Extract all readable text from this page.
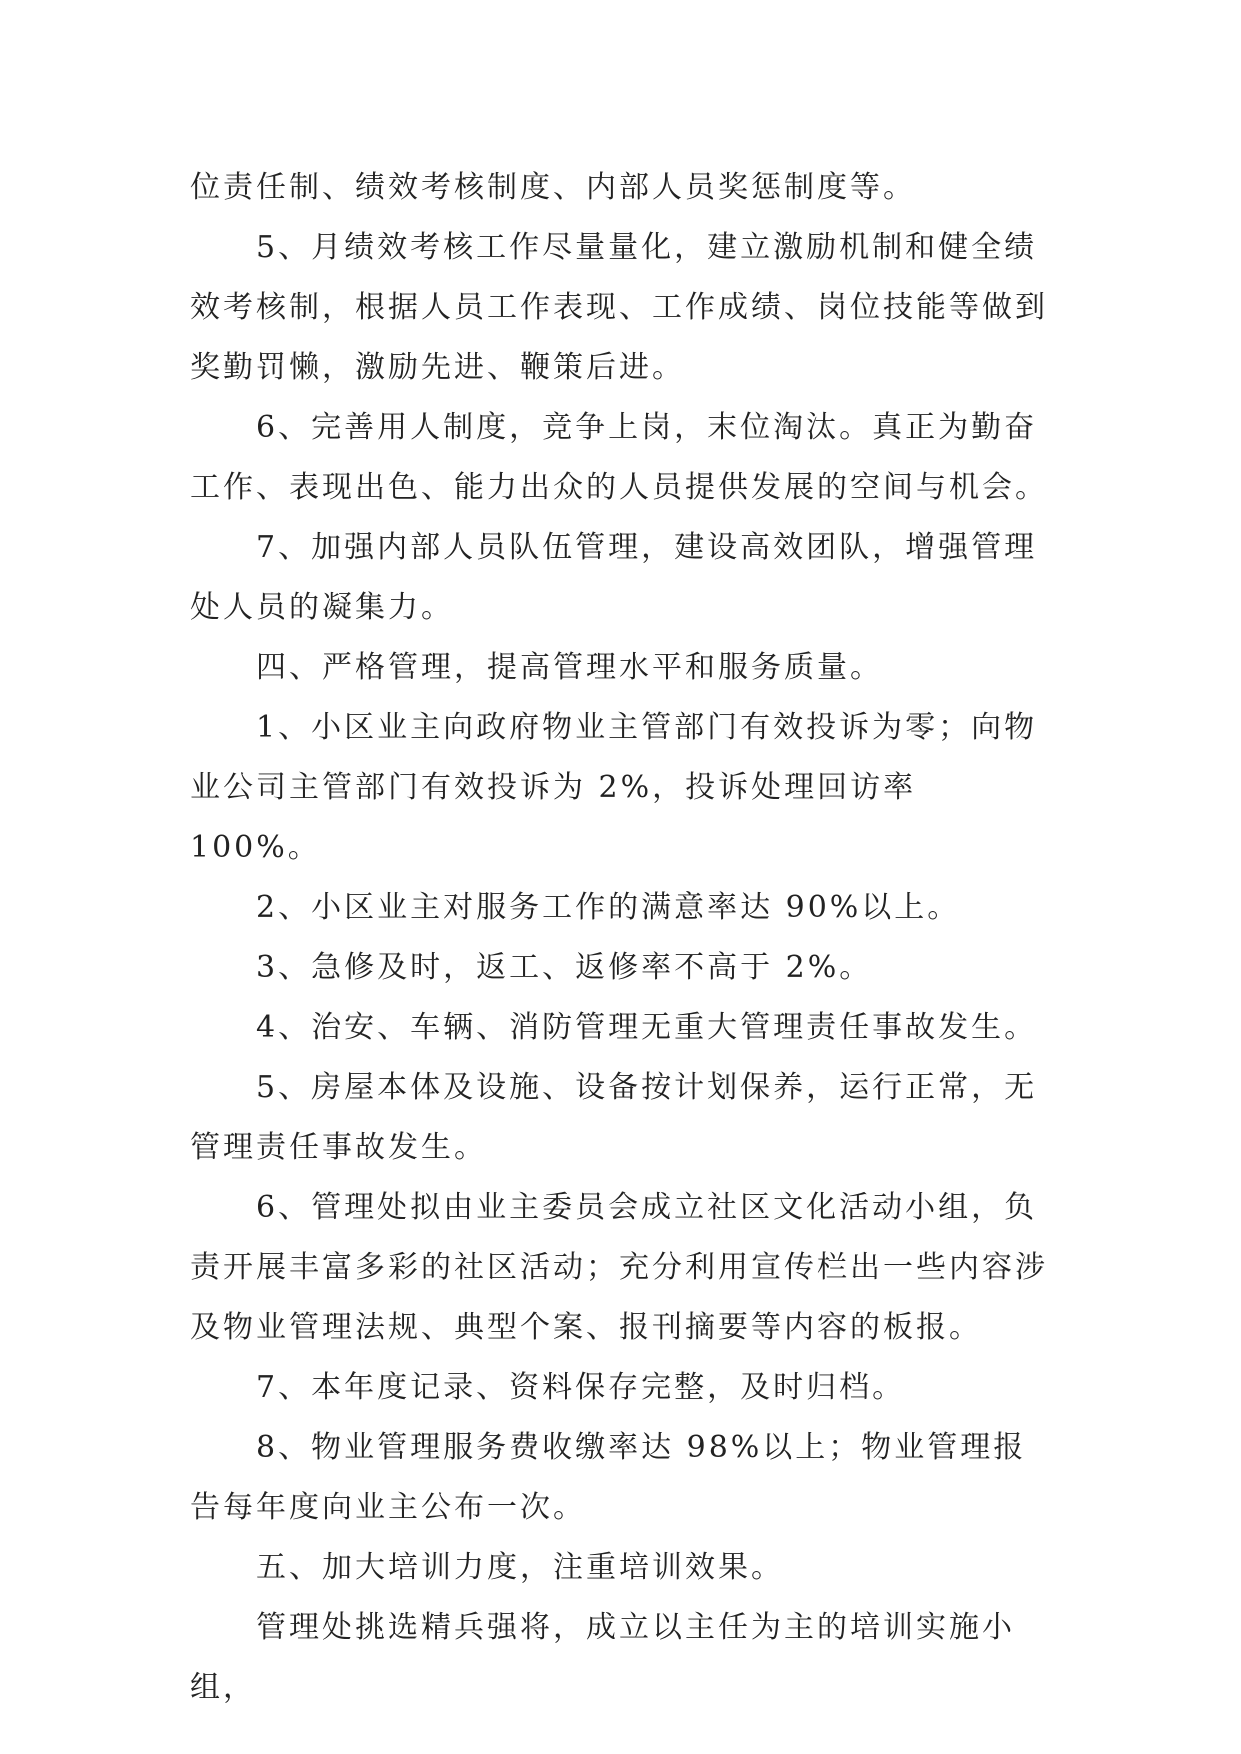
位责任制、绩效考核制度、内部人员奖惩制度等。

5、月绩效考核工作尽量量化，建立激励机制和健全绩效考核制，根据人员工作表现、工作成绩、岗位技能等做到奖勤罚懒，激励先进、鞭策后进。

6、完善用人制度，竞争上岗，末位淘汰。真正为勤奋工作、表现出色、能力出众的人员提供发展的空间与机会。

7、加强内部人员队伍管理，建设高效团队，增强管理处人员的凝集力。

四、严格管理，提高管理水平和服务质量。

1、小区业主向政府物业主管部门有效投诉为零；向物业公司主管部门有效投诉为 2%，投诉处理回访率 100%。

2、小区业主对服务工作的满意率达 90%以上。

3、急修及时，返工、返修率不高于 2%。

4、治安、车辆、消防管理无重大管理责任事故发生。

5、房屋本体及设施、设备按计划保养，运行正常，无管理责任事故发生。

6、管理处拟由业主委员会成立社区文化活动小组，负责开展丰富多彩的社区活动；充分利用宣传栏出一些内容涉及物业管理法规、典型个案、报刊摘要等内容的板报。

7、本年度记录、资料保存完整，及时归档。

8、物业管理服务费收缴率达 98%以上；物业管理报告每年度向业主公布一次。

五、加大培训力度，注重培训效果。

管理处挑选精兵强将，成立以主任为主的培训实施小组，
